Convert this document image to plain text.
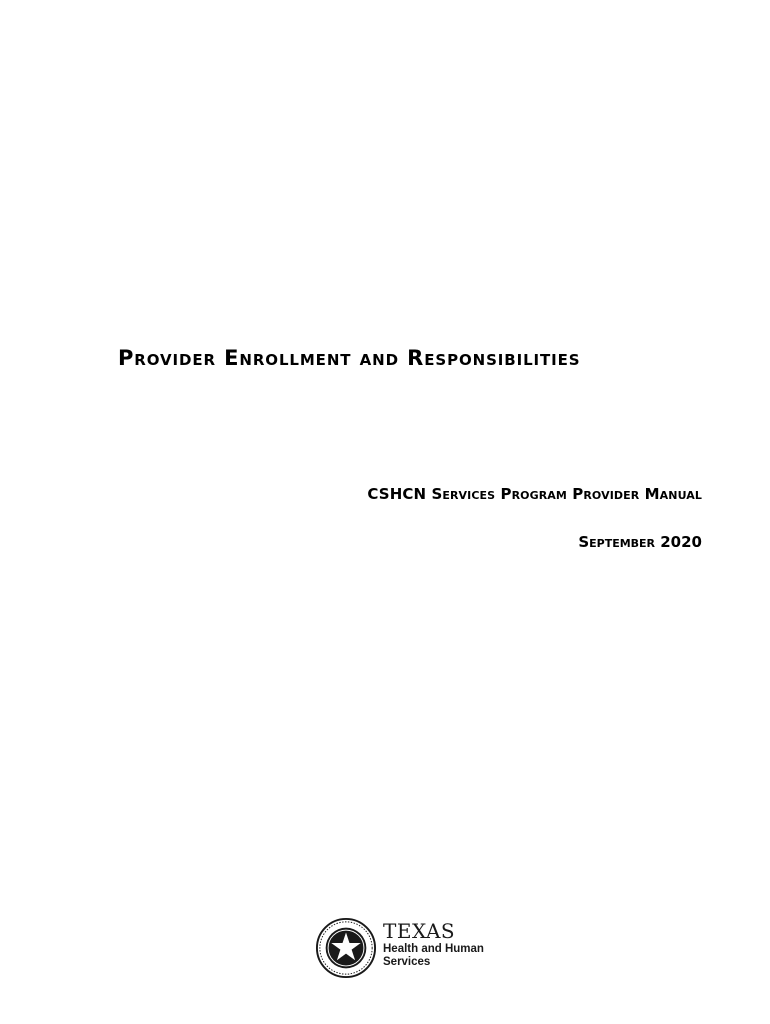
Provider Enrollment and Responsibilities
CSHCN Services Program Provider Manual
September 2020
TEXAS
Health and Human Services
